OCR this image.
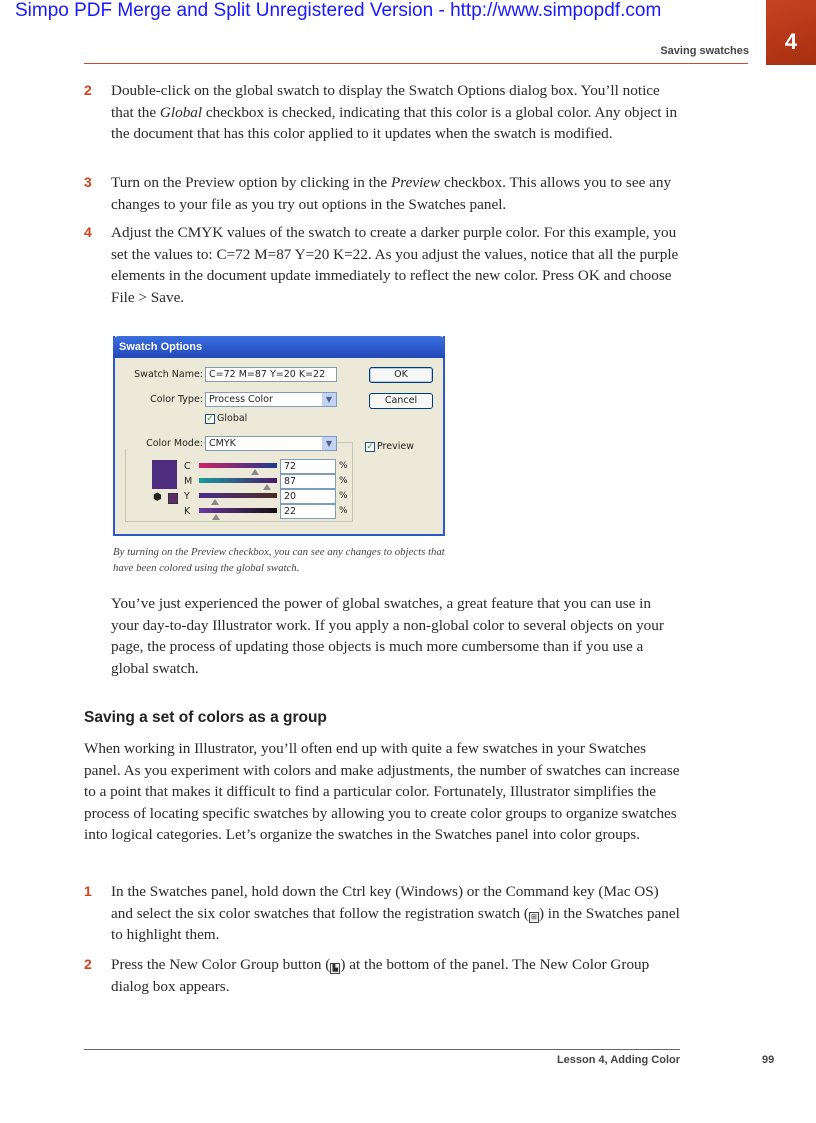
Simpo PDF Merge and Split Unregistered Version - http://www.simpopdf.com
4
Saving swatches
2	Double-click on the global swatch to display the Swatch Options dialog box. You’ll notice that the Global checkbox is checked, indicating that this color is a global color. Any object in the document that has this color applied to it updates when the swatch is modified.
3	Turn on the Preview option by clicking in the Preview checkbox. This allows you to see any changes to your file as you try out options in the Swatches panel.
4	Adjust the CMYK values of the swatch to create a darker purple color. For this example, you set the values to: C=72 M=87 Y=20 K=22. As you adjust the values, notice that all the purple elements in the document update immediately to reflect the new color. Press OK and choose File > Save.
Swatch Options
Swatch Name: C=72 M=87 Y=20 K=22
Color Type: Process Color	▼
✓ Global
OK
Cancel
Color Mode: CMYK	▼	✓ Preview
⬢
C	72	%
M	87	%
Y	20	%
K	22	%
By turning on the Preview checkbox, you can see any changes to objects that have been colored using the global swatch.
You’ve just experienced the power of global swatches, a great feature that you can use in your day-to-day Illustrator work. If you apply a non-global color to several objects on your page, the process of updating those objects is much more cumbersome than if you use a global swatch.
Saving a set of colors as a group
When working in Illustrator, you’ll often end up with quite a few swatches in your Swatches panel. As you experiment with colors and make adjustments, the number of swatches can increase to a point that makes it difficult to find a particular color. Fortunately, Illustrator simplifies the process of locating specific swatches by allowing you to create color groups to organize swatches into logical categories. Let’s organize the swatches in the Swatches panel into color groups.
1	In the Swatches panel, hold down the Ctrl key (Windows) or the Command key (Mac OS) and select the six color swatches that follow the registration swatch ( ⊞ ) in the Swatches panel to highlight them.
2	Press the New Color Group button ( ▙ ) at the bottom of the panel. The New Color Group dialog box appears.
Lesson 4, Adding Color	99
